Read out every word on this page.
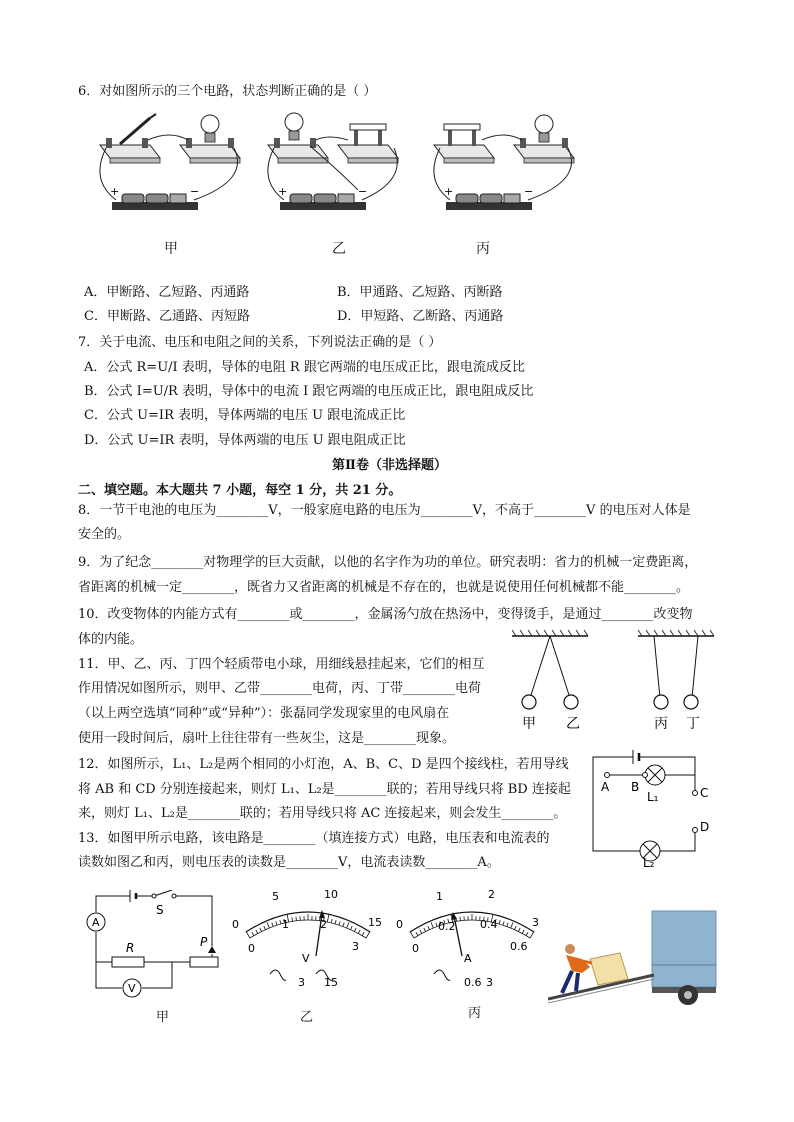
6．对如图所示的三个电路，状态判断正确的是（ ）
+	−	+	−	+	−
甲	乙	丙
A．甲断路、乙短路、丙通路	B．甲通路、乙短路、丙断路
C．甲断路、乙通路、丙短路	D．甲短路、乙断路、丙通路
7．关于电流、电压和电阻之间的关系，下列说法正确的是（ ）
A．公式 R=U/I 表明，导体的电阻 R 跟它两端的电压成正比，跟电流成反比
B．公式 I=U/R 表明，导体中的电流 I 跟它两端的电压成正比，跟电阻成反比
C．公式 U=IR 表明，导体两端的电压 U 跟电流成正比
D．公式 U=IR 表明，导体两端的电压 U 跟电阻成正比
第Ⅱ卷（非选择题）
二、填空题。本大题共 7 小题，每空 1 分，共 21 分。
8．一节干电池的电压为________V，一般家庭电路的电压为________V，不高于________V 的电压对人体是
安全的。
9．为了纪念________对物理学的巨大贡献，以他的名字作为功的单位。研究表明：省力的机械一定费距离，
省距离的机械一定________，既省力又省距离的机械是不存在的，也就是说使用任何机械都不能________。
10．改变物体的内能方式有________或________，金属汤勺放在热汤中，变得烫手，是通过________改变物
体的内能。
11．甲、乙、丙、丁四个轻质带电小球，用细线悬挂起来，它们的相互
作用情况如图所示，则甲、乙带________电荷，丙、丁带________电荷
（以上两空选填“同种”或“异种”）：张磊同学发现家里的电风扇在
使用一段时间后，扇叶上往往带有一些灰尘，这是________现象。
甲 乙	丙 丁
12．如图所示，L₁、L₂是两个相同的小灯泡，A、B、C、D 是四个接线柱，若用导线
将 AB 和 CD 分别连接起来，则灯 L₁、L₂是________联的；若用导线只将 BD 连接起
来，则灯 L₁、L₂是________联的；若用导线只将 AC 连接起来，则会发生________。
A B	C
D
L₁
L₂
13．如图甲所示电路，该电路是________（填连接方式）电路，电压表和电流表的
读数如图乙和丙，则电压表的读数是________V，电流表读数________A。
A
S
R	P
V
甲
0
5	10
15
0
1	2
3
V
3 15
乙
0
1	2
3
0
0.2 0.4
0.6
A
0.6 3
丙
